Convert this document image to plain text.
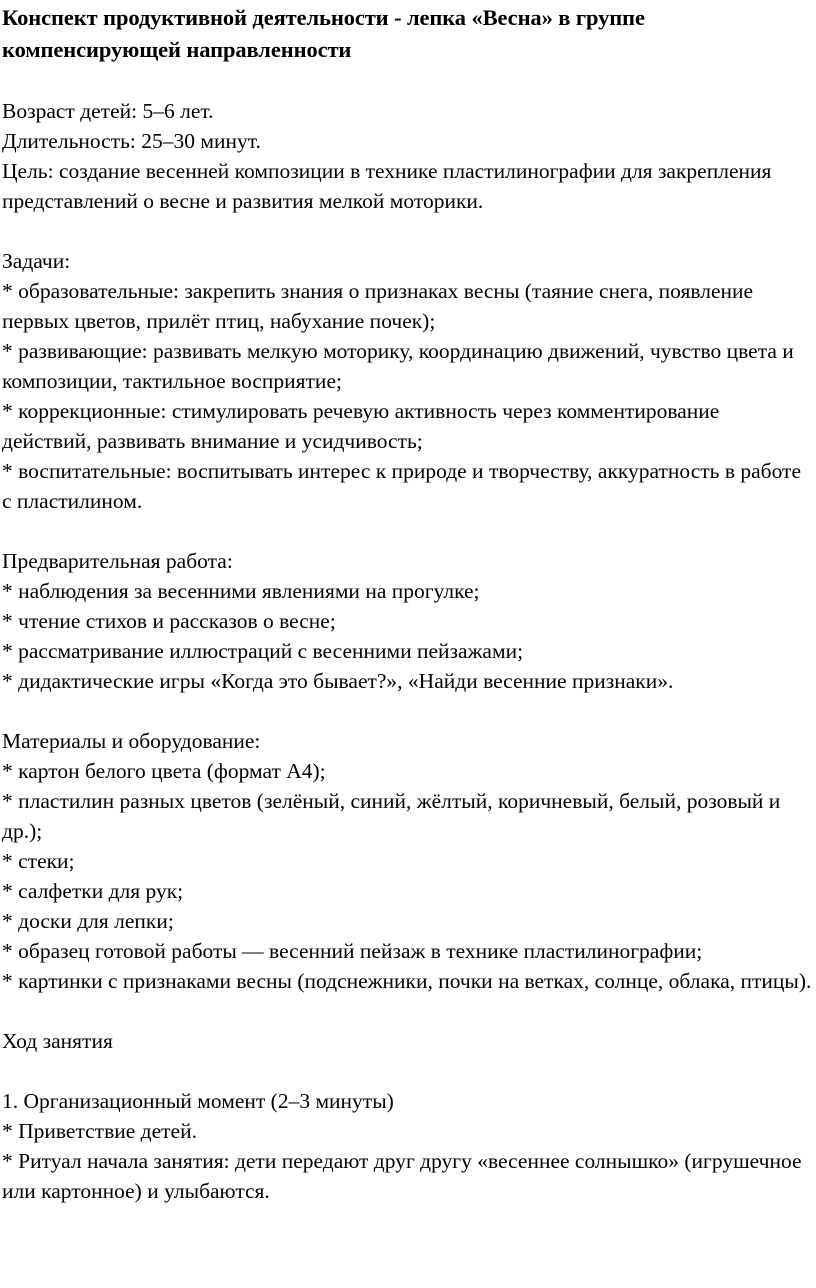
Конспект продуктивной деятельности - лепка «Весна» в группе компенсирующей направленности

Возраст детей: 5–6 лет.

Длительность: 25–30 минут.

Цель: создание весенней композиции в технике пластилинографии для закрепления представлений о весне и развития мелкой моторики.

Задачи:

* образовательные: закрепить знания о признаках весны (таяние снега, появление первых цветов, прилёт птиц, набухание почек);

* развивающие: развивать мелкую моторику, координацию движений, чувство цвета и композиции, тактильное восприятие;

* коррекционные: стимулировать речевую активность через комментирование действий, развивать внимание и усидчивость;

* воспитательные: воспитывать интерес к природе и творчеству, аккуратность в работе с пластилином.

Предварительная работа:

* наблюдения за весенними явлениями на прогулке;

* чтение стихов и рассказов о весне;

* рассматривание иллюстраций с весенними пейзажами;

* дидактические игры «Когда это бывает?», «Найди весенние признаки».

Материалы и оборудование:

* картон белого цвета (формат А4);

* пластилин разных цветов (зелёный, синий, жёлтый, коричневый, белый, розовый и др.);

* стеки;

* салфетки для рук;

* доски для лепки;

* образец готовой работы — весенний пейзаж в технике пластилинографии;

* картинки с признаками весны (подснежники, почки на ветках, солнце, облака, птицы).

Ход занятия

1. Организационный момент (2–3 минуты)

* Приветствие детей.

* Ритуал начала занятия: дети передают друг другу «весеннее солнышко» (игрушечное или картонное) и улыбаются.
